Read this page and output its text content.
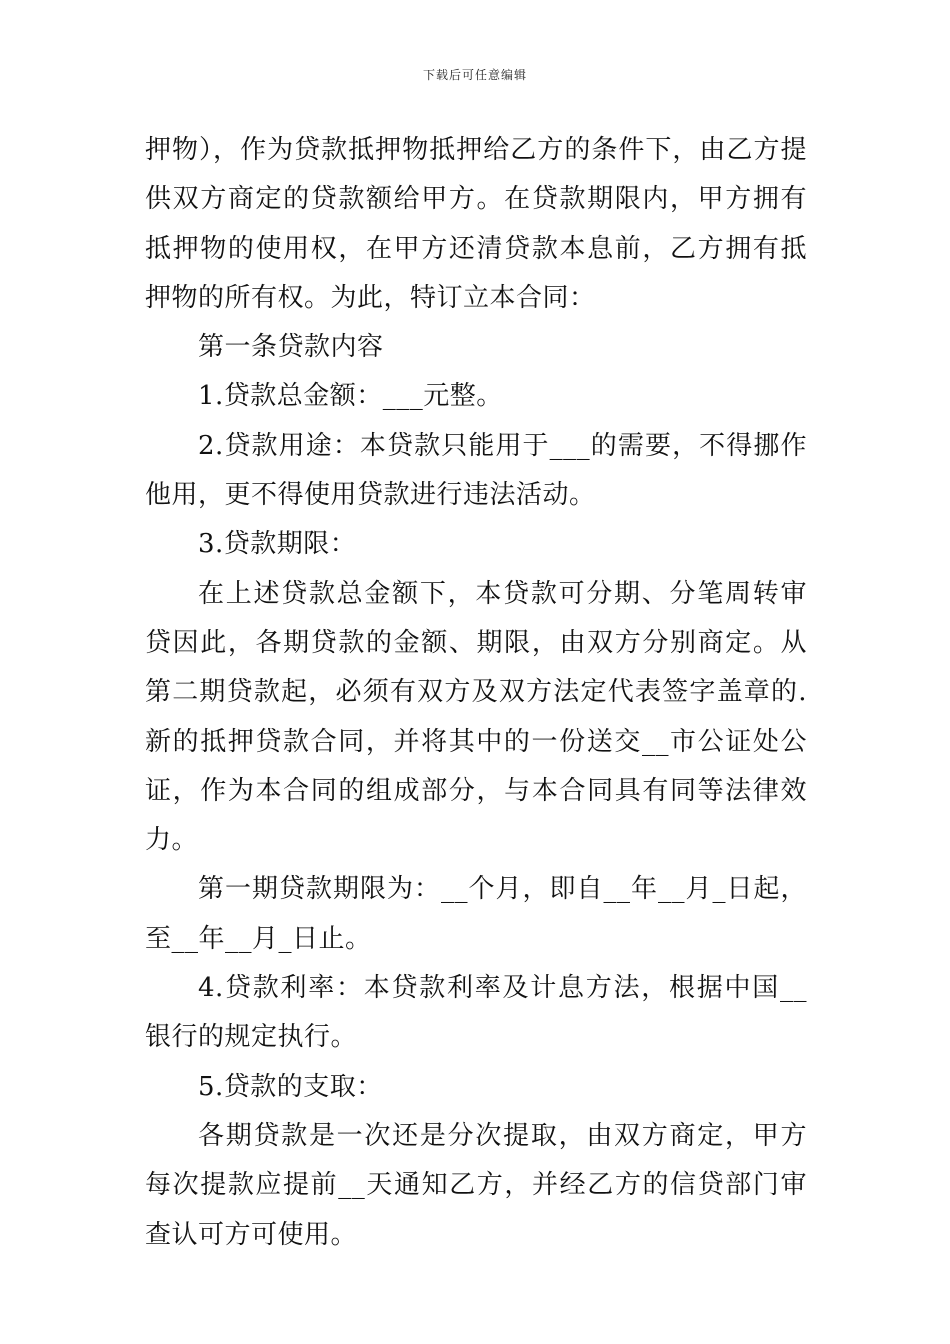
下载后可任意编辑

押物），作为贷款抵押物抵押给乙方的条件下，由乙方提供双方商定的贷款额给甲方。在贷款期限内，甲方拥有抵押物的使用权，在甲方还清贷款本息前，乙方拥有抵押物的所有权。为此，特订立本合同：

第一条贷款内容

1.贷款总金额：___元整。

2.贷款用途：本贷款只能用于___的需要，不得挪作他用，更不得使用贷款进行违法活动。

3.贷款期限：

在上述贷款总金额下，本贷款可分期、分笔周转审贷因此，各期贷款的金额、期限，由双方分别商定。从第二期贷款起，必须有双方及双方法定代表签字盖章的.新的抵押贷款合同，并将其中的一份送交__市公证处公证，作为本合同的组成部分，与本合同具有同等法律效力。

第一期贷款期限为：__个月，即自__年__月_日起，至__年__月_日止。

4.贷款利率：本贷款利率及计息方法，根据中国__银行的规定执行。

5.贷款的支取：

各期贷款是一次还是分次提取，由双方商定，甲方每次提款应提前__天通知乙方，并经乙方的信贷部门审查认可方可使用。
